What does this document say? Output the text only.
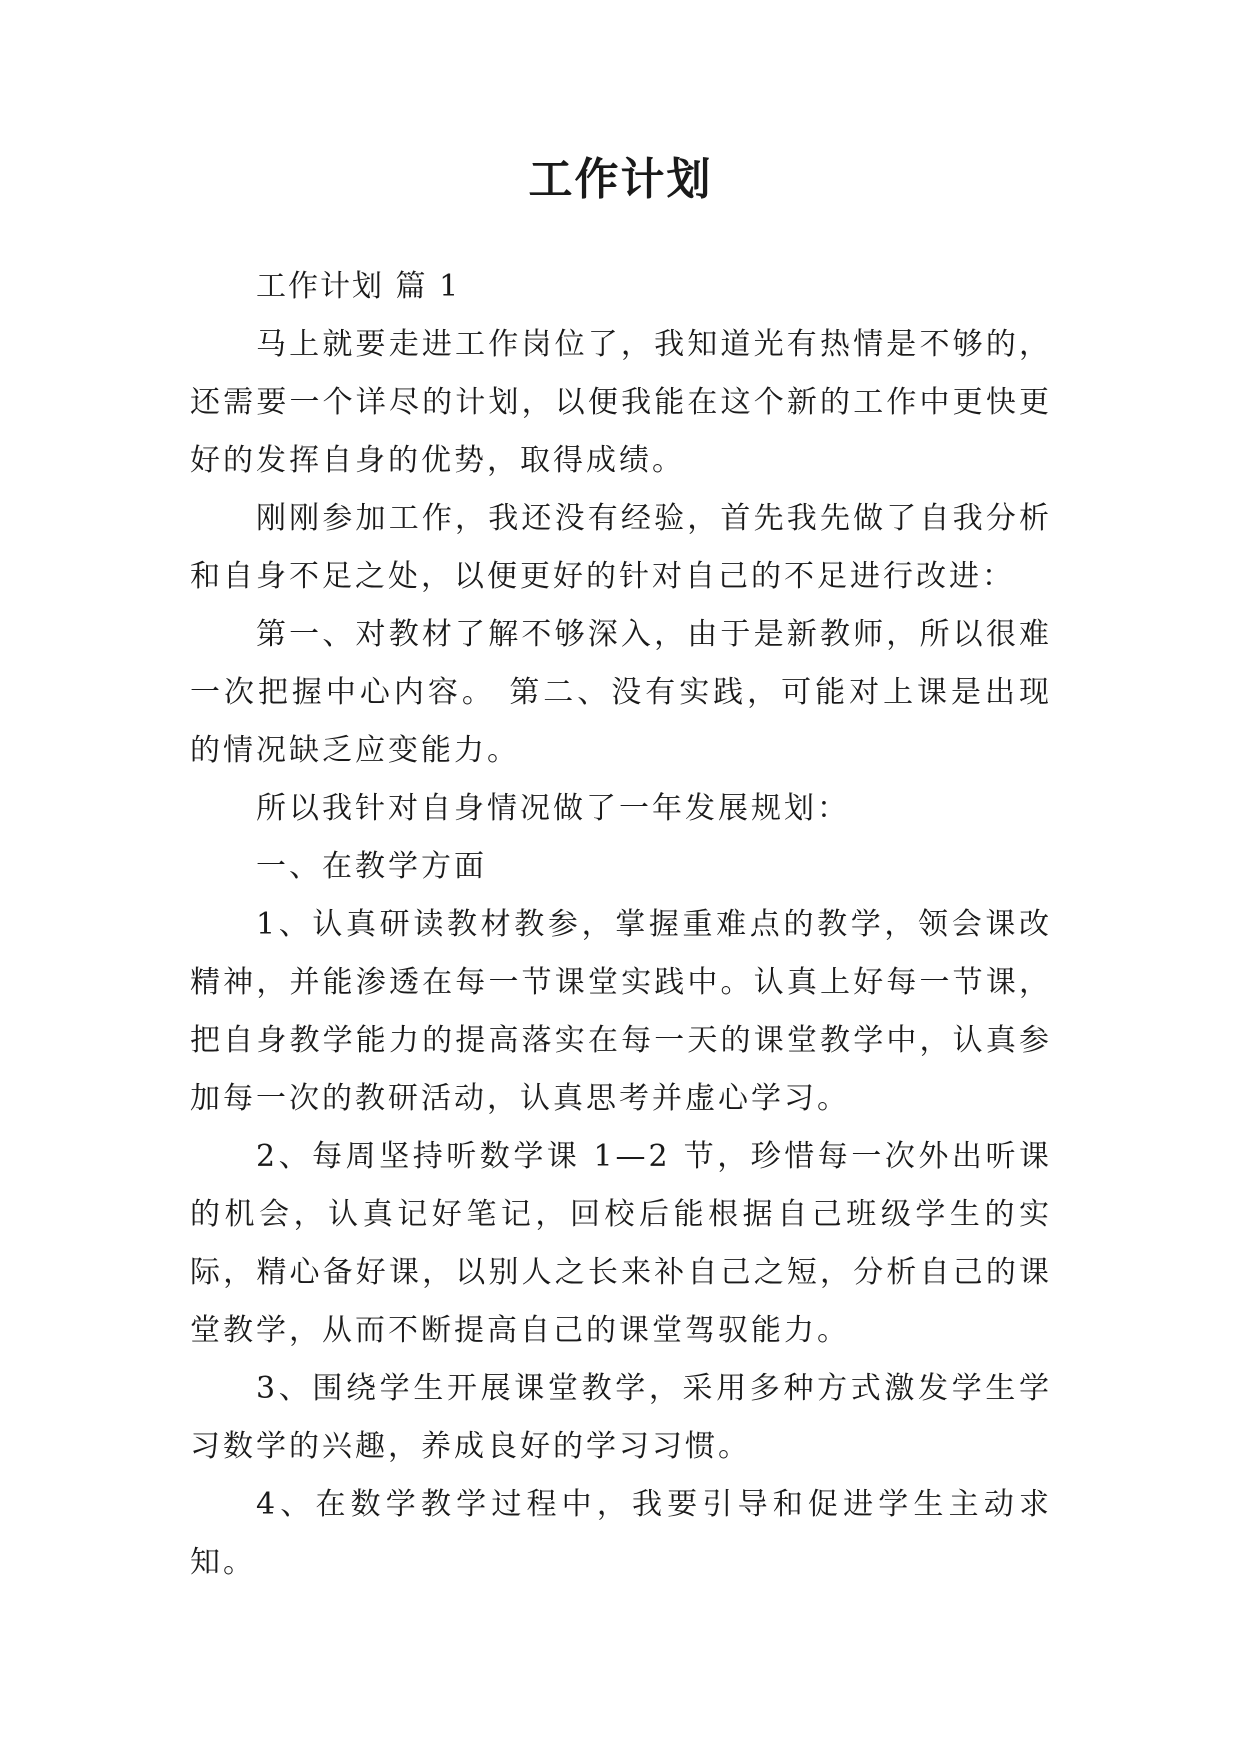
工作计划

工作计划 篇 1

马上就要走进工作岗位了，我知道光有热情是不够的，还需要一个详尽的计划，以便我能在这个新的工作中更快更好的发挥自身的优势，取得成绩。

刚刚参加工作，我还没有经验，首先我先做了自我分析和自身不足之处，以便更好的针对自己的不足进行改进：

第一、对教材了解不够深入，由于是新教师，所以很难一次把握中心内容。 第二、没有实践，可能对上课是出现的情况缺乏应变能力。

所以我针对自身情况做了一年发展规划：

一、在教学方面

1、认真研读教材教参，掌握重难点的教学，领会课改精神，并能渗透在每一节课堂实践中。认真上好每一节课，把自身教学能力的提高落实在每一天的课堂教学中，认真参加每一次的教研活动，认真思考并虚心学习。

2、每周坚持听数学课 1—2 节，珍惜每一次外出听课的机会，认真记好笔记，回校后能根据自己班级学生的实际，精心备好课，以别人之长来补自己之短，分析自己的课堂教学，从而不断提高自己的课堂驾驭能力。

3、围绕学生开展课堂教学，采用多种方式激发学生学习数学的兴趣，养成良好的学习习惯。

4、在数学教学过程中，我要引导和促进学生主动求知。
